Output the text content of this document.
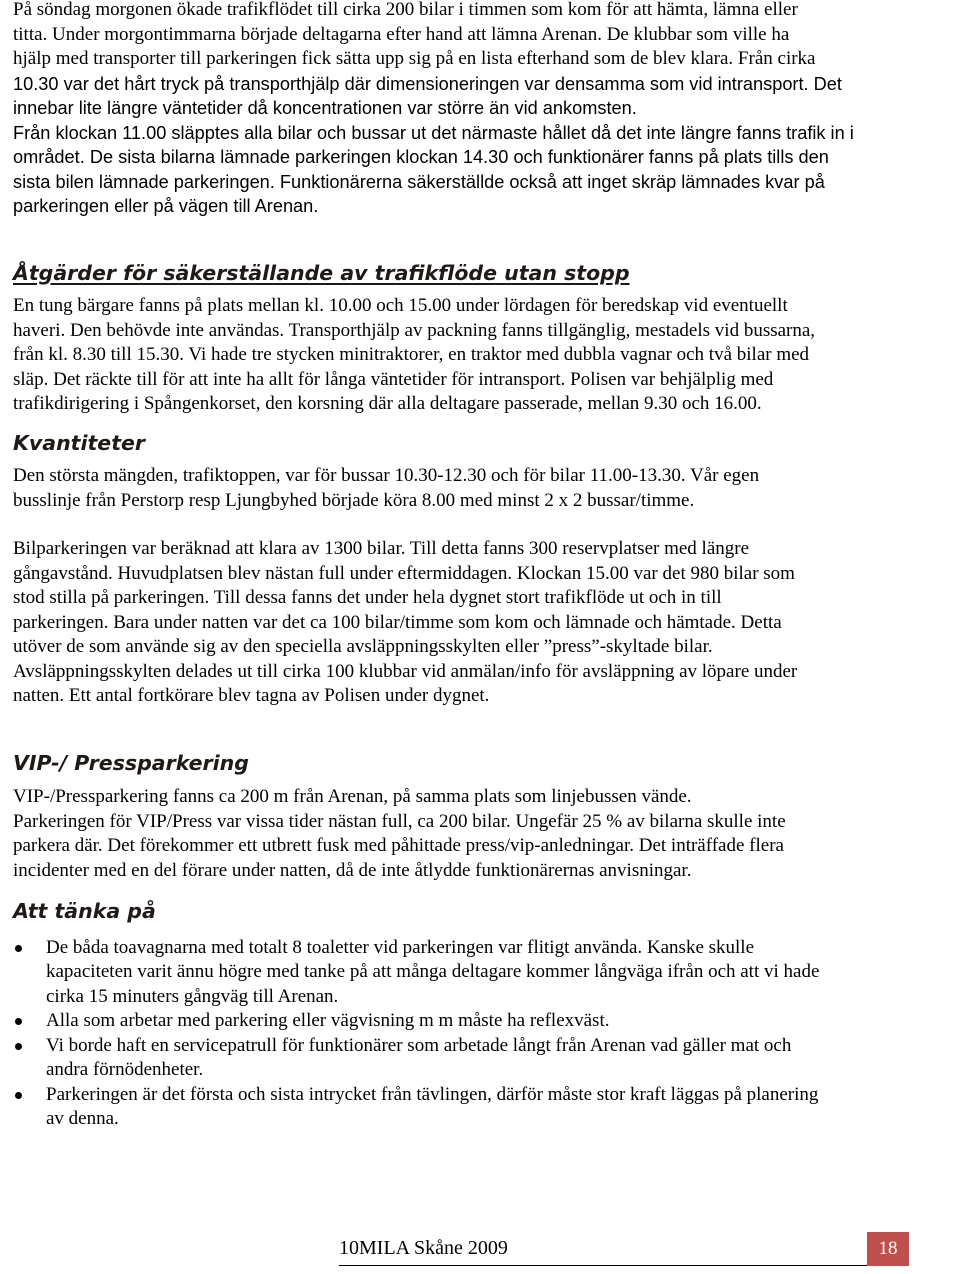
På söndag morgonen ökade trafikflödet till cirka 200 bilar i timmen som kom för att hämta, lämna eller

titta. Under morgontimmarna började deltagarna efter hand att lämna Arenan. De klubbar som ville ha

hjälp med transporter till parkeringen fick sätta upp sig på en lista efterhand som de blev klara. Från cirka

10.30 var det hårt tryck på transporthjälp där dimensioneringen var densamma som vid intransport. Det

innebar lite längre väntetider då koncentrationen var större än vid ankomsten.

Från klockan 11.00 släpptes alla bilar och bussar ut det närmaste hållet då det inte längre fanns trafik in i

området. De sista bilarna lämnade parkeringen klockan 14.30 och funktionärer fanns på plats tills den

sista bilen lämnade parkeringen. Funktionärerna säkerställde också att inget skräp lämnades kvar på

parkeringen eller på vägen till Arenan.

Åtgärder för säkerställande av trafikflöde utan stopp

En tung bärgare fanns på plats mellan kl. 10.00 och 15.00 under lördagen för beredskap vid eventuellt

haveri. Den behövde inte användas. Transporthjälp av packning fanns tillgänglig, mestadels vid bussarna,

från kl. 8.30 till 15.30. Vi hade tre stycken minitraktorer, en traktor med dubbla vagnar och två bilar med

släp. Det räckte till för att inte ha allt för långa väntetider för intransport. Polisen var behjälplig med

trafikdirigering i Spångenkorset, den korsning där alla deltagare passerade, mellan 9.30 och 16.00.

Kvantiteter

Den största mängden, trafiktoppen, var för bussar 10.30-12.30 och för bilar 11.00-13.30. Vår egen

busslinje från Perstorp resp Ljungbyhed började köra 8.00 med minst 2 x 2 bussar/timme.

Bilparkeringen var beräknad att klara av 1300 bilar. Till detta fanns 300 reservplatser med längre

gångavstånd. Huvudplatsen blev nästan full under eftermiddagen. Klockan 15.00 var det 980 bilar som

stod stilla på parkeringen. Till dessa fanns det under hela dygnet stort trafikflöde ut och in till

parkeringen. Bara under natten var det ca 100 bilar/timme som kom och lämnade och hämtade. Detta

utöver de som använde sig av den speciella avsläppningsskylten eller ”press”-skyltade bilar.

Avsläppningsskylten delades ut till cirka 100 klubbar vid anmälan/info för avsläppning av löpare under

natten. Ett antal fortkörare blev tagna av Polisen under dygnet.

VIP-/ Pressparkering

VIP-/Pressparkering fanns ca 200 m från Arenan, på samma plats som linjebussen vände.

Parkeringen för VIP/Press var vissa tider nästan full, ca 200 bilar. Ungefär 25 % av bilarna skulle inte

parkera där. Det förekommer ett utbrett fusk med påhittade press/vip-anledningar. Det inträffade flera

incidenter med en del förare under natten, då de inte åtlydde funktionärernas anvisningar.

Att tänka på

De båda toavagnarna med totalt 8 toaletter vid parkeringen var flitigt använda. Kanske skulle

kapaciteten varit ännu högre med tanke på att många deltagare kommer långväga ifrån och att vi hade

cirka 15 minuters gångväg till Arenan.

Alla som arbetar med parkering eller vägvisning m m måste ha reflexväst.

Vi borde haft en servicepatrull för funktionärer som arbetade långt från Arenan vad gäller mat och

andra förnödenheter.

Parkeringen är det första och sista intrycket från tävlingen, därför måste stor kraft läggas på planering

av denna.

10MILA Skåne 2009	18
